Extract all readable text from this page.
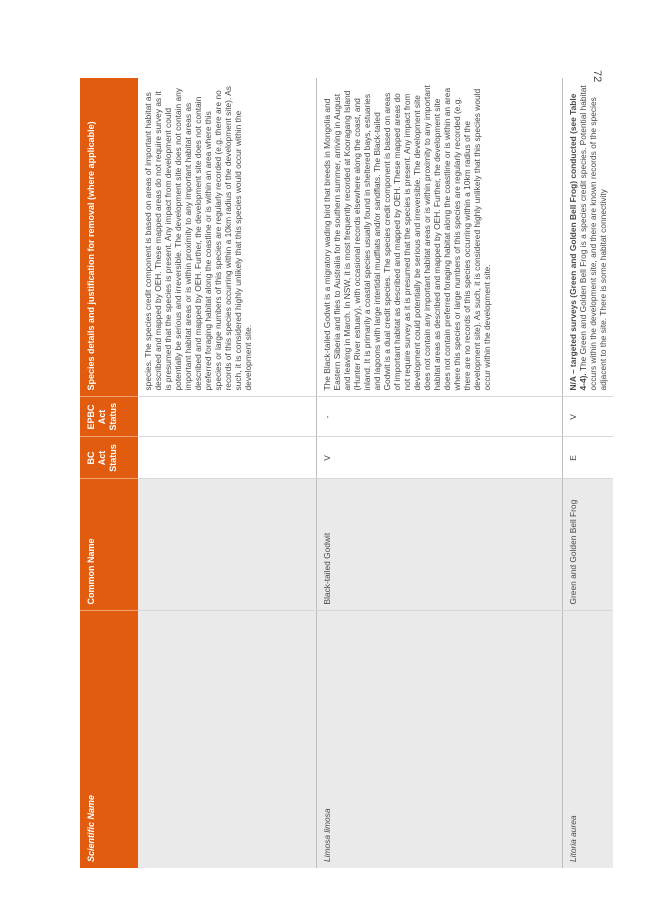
72
Scientific Name	Common Name	BC Act Status	EPBC Act Status	Species details and justification for removal (where applicable)
				species. The species credit component is based on areas of important habitat as described and mapped by OEH. These mapped areas do not require survey as it is presumed that the species is present. Any impact from development could potentially be serious and irreversible. The development site does not contain any important habitat areas or is within proximity to any important habitat areas as described and mapped by OEH. Further, the development site does not contain preferred foraging habitat along the coastline or is within an area where this species or large numbers of this species are regularly recorded (e.g. there are no records of this species occurring within a 10km radius of the development site). As such, it is considered highly unlikely that this species would occur within the development site.
Limosa limosa	Black-tailed Godwit	V	-	The Black-tailed Godwit is a migratory wading bird that breeds in Mongolia and Eastern Siberia and flies to Australia for the southern summer, arriving in August and leaving in March. In NSW, it is most frequently recorded at Kooragang Island (Hunter River estuary), with occasional records elsewhere along the coast, and inland. It is primarily a coastal species usually found in sheltered bays, estuaries and lagoons with large intertidal mudflats and/or sandflats. The Black-tailed Godwit is a dual credit species. The species credit component is based on areas of important habitat as described and mapped by OEH. These mapped areas do not require survey as it is presumed that the species is present. Any impact from development could potentially be serious and irreversible. The development site does not contain any important habitat areas or is within proximity to any important habitat areas as described and mapped by OEH. Further, the development site does not contain preferred foraging habitat along the coastline or is within an area where this species or large numbers of this species are regularly recorded (e.g. there are no records of this species occurring within a 10km radius of the development site). As such, it is considered highly unlikely that this species would occur within the development site.
Litoria aurea	Green and Golden Bell Frog	E	V	N/A – targeted surveys (Green and Golden Bell Frog) conducted (see Table 4-4). The Green and Golden Bell Frog is a species credit species. Potential habitat occurs within the development site, and there are known records of the species adjacent to the site. There is some habitat connectivity
